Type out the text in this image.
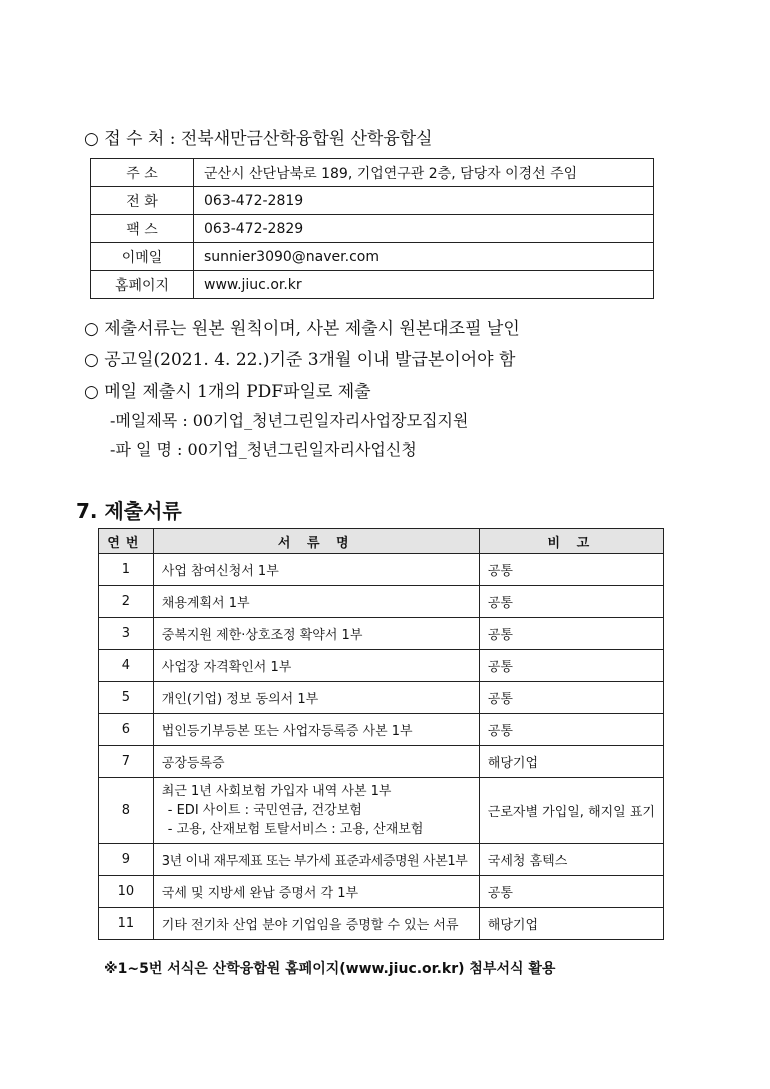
○ 접 수 처 : 전북새만금산학융합원 산학융합실
주 소	군산시 산단남북로 189, 기업연구관 2층, 담당자 이경선 주임
전 화	063-472-2819
팩 스	063-472-2829
이메일	sunnier3090@naver.com
홈페이지	www.jiuc.or.kr
○ 제출서류는 원본 원칙이며, 사본 제출시 원본대조필 날인
○ 공고일(2021. 4. 22.)기준 3개월 이내 발급본이어야 함
○ 메일 제출시 1개의 PDF파일로 제출
-메일제목 : 00기업_청년그린일자리사업장모집지원
-파 일 명 : 00기업_청년그린일자리사업신청
7. 제출서류
연번	서 류 명	비 고
1	사업 참여신청서 1부	공통
2	채용계획서 1부	공통
3	중복지원 제한·상호조정 확약서 1부	공통
4	사업장 자격확인서 1부	공통
5	개인(기업) 정보 동의서 1부	공통
6	법인등기부등본 또는 사업자등록증 사본 1부	공통
7	공장등록증	해당기업
8	최근 1년 사회보험 가입자 내역 사본 1부
- EDI 사이트 : 국민연금, 건강보험
- 고용, 산재보험 토탈서비스 : 고용, 산재보험	근로자별 가입일, 해지일 표기
9	3년 이내 재무제표 또는 부가세 표준과세증명원 사본1부	국세청 홈텍스
10	국세 및 지방세 완납 증명서 각 1부	공통
11	기타 전기차 산업 분야 기업임을 증명할 수 있는 서류	해당기업
※1~5번 서식은 산학융합원 홈페이지(www.jiuc.or.kr) 첨부서식 활용
